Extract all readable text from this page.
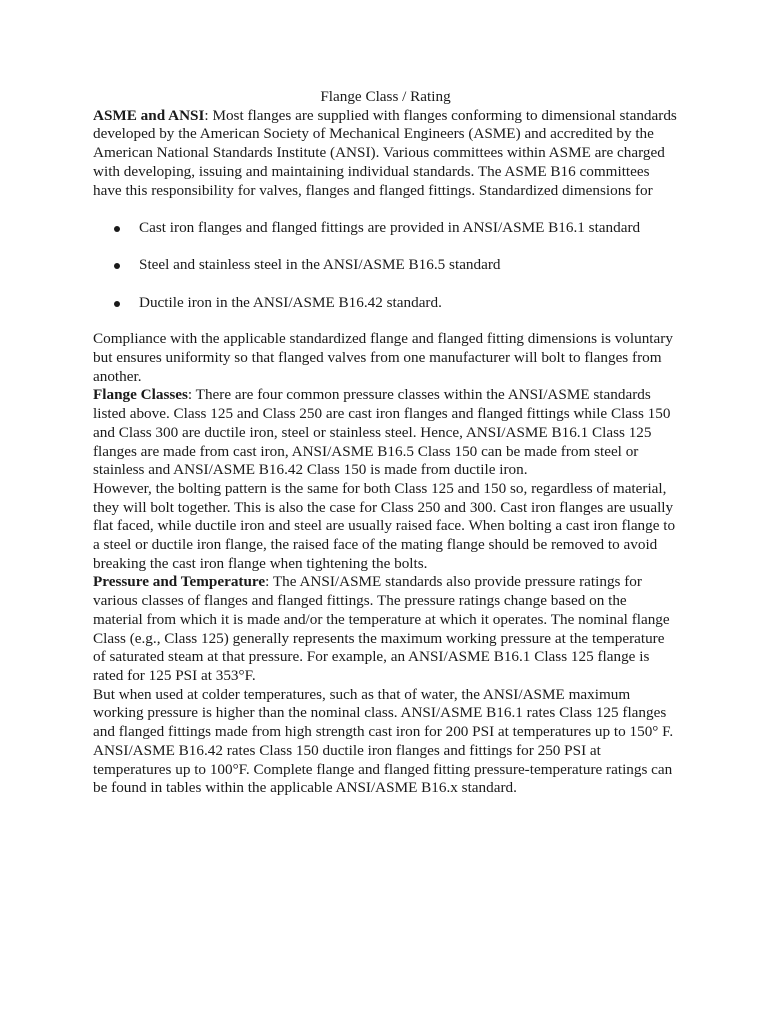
Flange Class / Rating

ASME and ANSI: Most flanges are supplied with flanges conforming to dimensional standards developed by the American Society of Mechanical Engineers (ASME) and accredited by the American National Standards Institute (ANSI). Various committees within ASME are charged with developing, issuing and maintaining individual standards. The ASME B16 committees have this responsibility for valves, flanges and flanged fittings. Standardized dimensions for

Cast iron flanges and flanged fittings are provided in ANSI/ASME B16.1 standard
Steel and stainless steel in the ANSI/ASME B16.5 standard
Ductile iron in the ANSI/ASME B16.42 standard.

Compliance with the applicable standardized flange and flanged fitting dimensions is voluntary but ensures uniformity so that flanged valves from one manufacturer will bolt to flanges from another.

Flange Classes: There are four common pressure classes within the ANSI/ASME standards listed above. Class 125 and Class 250 are cast iron flanges and flanged fittings while Class 150 and Class 300 are ductile iron, steel or stainless steel. Hence, ANSI/ASME B16.1 Class 125 flanges are made from cast iron, ANSI/ASME B16.5 Class 150 can be made from steel or stainless and ANSI/ASME B16.42 Class 150 is made from ductile iron.

However, the bolting pattern is the same for both Class 125 and 150 so, regardless of material, they will bolt together. This is also the case for Class 250 and 300. Cast iron flanges are usually flat faced, while ductile iron and steel are usually raised face. When bolting a cast iron flange to a steel or ductile iron flange, the raised face of the mating flange should be removed to avoid breaking the cast iron flange when tightening the bolts.

Pressure and Temperature: The ANSI/ASME standards also provide pressure ratings for various classes of flanges and flanged fittings. The pressure ratings change based on the material from which it is made and/or the temperature at which it operates. The nominal flange Class (e.g., Class 125) generally represents the maximum working pressure at the temperature of saturated steam at that pressure. For example, an ANSI/ASME B16.1 Class 125 flange is rated for 125 PSI at 353°F.

But when used at colder temperatures, such as that of water, the ANSI/ASME maximum working pressure is higher than the nominal class. ANSI/ASME B16.1 rates Class 125 flanges and flanged fittings made from high strength cast iron for 200 PSI at temperatures up to 150° F. ANSI/ASME B16.42 rates Class 150 ductile iron flanges and fittings for 250 PSI at temperatures up to 100°F. Complete flange and flanged fitting pressure-temperature ratings can be found in tables within the applicable ANSI/ASME B16.x standard.
